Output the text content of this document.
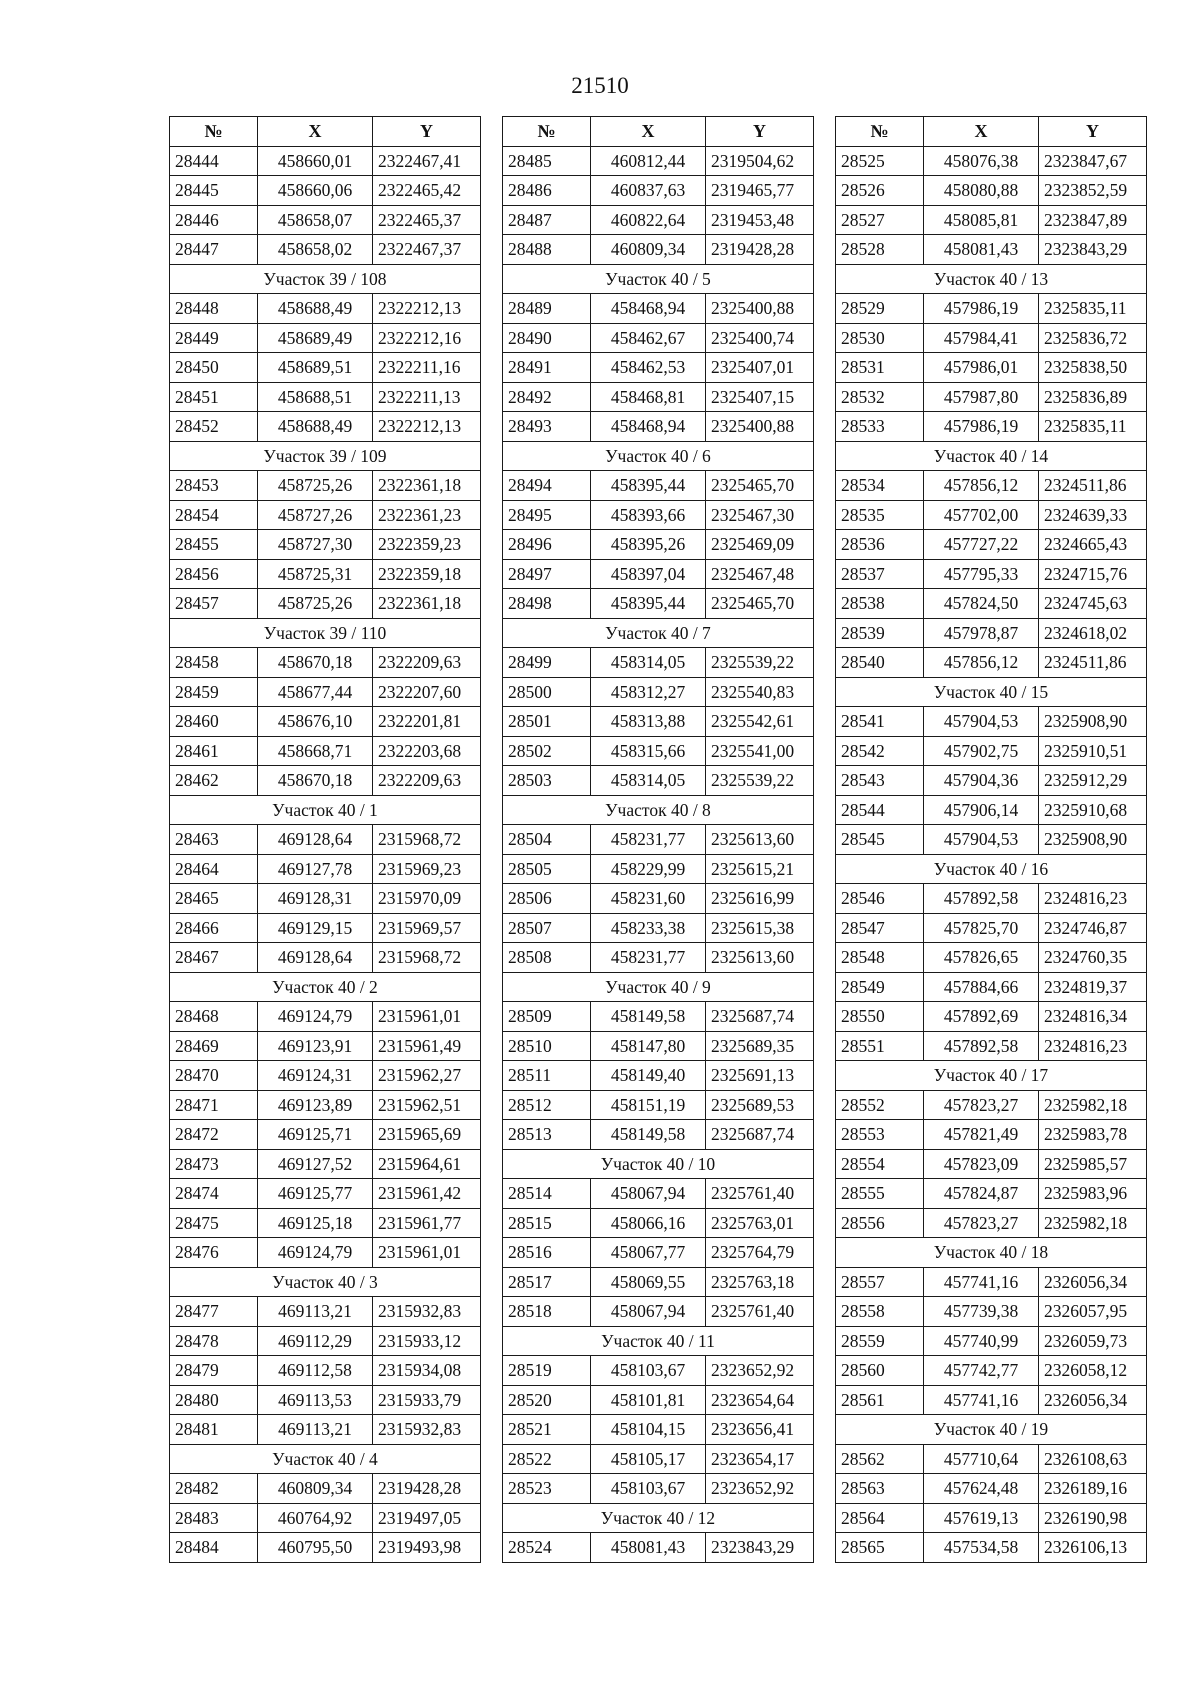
21510
№	X	Y
28444	458660,01	2322467,41
28445	458660,06	2322465,42
28446	458658,07	2322465,37
28447	458658,02	2322467,37
Участок 39 / 108		
28448	458688,49	2322212,13
28449	458689,49	2322212,16
28450	458689,51	2322211,16
28451	458688,51	2322211,13
28452	458688,49	2322212,13
Участок 39 / 109		
28453	458725,26	2322361,18
28454	458727,26	2322361,23
28455	458727,30	2322359,23
28456	458725,31	2322359,18
28457	458725,26	2322361,18
Участок 39 / 110		
28458	458670,18	2322209,63
28459	458677,44	2322207,60
28460	458676,10	2322201,81
28461	458668,71	2322203,68
28462	458670,18	2322209,63
Участок 40 / 1		
28463	469128,64	2315968,72
28464	469127,78	2315969,23
28465	469128,31	2315970,09
28466	469129,15	2315969,57
28467	469128,64	2315968,72
Участок 40 / 2		
28468	469124,79	2315961,01
28469	469123,91	2315961,49
28470	469124,31	2315962,27
28471	469123,89	2315962,51
28472	469125,71	2315965,69
28473	469127,52	2315964,61
28474	469125,77	2315961,42
28475	469125,18	2315961,77
28476	469124,79	2315961,01
Участок 40 / 3		
28477	469113,21	2315932,83
28478	469112,29	2315933,12
28479	469112,58	2315934,08
28480	469113,53	2315933,79
28481	469113,21	2315932,83
Участок 40 / 4		
28482	460809,34	2319428,28
28483	460764,92	2319497,05
28484	460795,50	2319493,98
№	X	Y
28485	460812,44	2319504,62
28486	460837,63	2319465,77
28487	460822,64	2319453,48
28488	460809,34	2319428,28
Участок 40 / 5		
28489	458468,94	2325400,88
28490	458462,67	2325400,74
28491	458462,53	2325407,01
28492	458468,81	2325407,15
28493	458468,94	2325400,88
Участок 40 / 6		
28494	458395,44	2325465,70
28495	458393,66	2325467,30
28496	458395,26	2325469,09
28497	458397,04	2325467,48
28498	458395,44	2325465,70
Участок 40 / 7		
28499	458314,05	2325539,22
28500	458312,27	2325540,83
28501	458313,88	2325542,61
28502	458315,66	2325541,00
28503	458314,05	2325539,22
Участок 40 / 8		
28504	458231,77	2325613,60
28505	458229,99	2325615,21
28506	458231,60	2325616,99
28507	458233,38	2325615,38
28508	458231,77	2325613,60
Участок 40 / 9		
28509	458149,58	2325687,74
28510	458147,80	2325689,35
28511	458149,40	2325691,13
28512	458151,19	2325689,53
28513	458149,58	2325687,74
Участок 40 / 10		
28514	458067,94	2325761,40
28515	458066,16	2325763,01
28516	458067,77	2325764,79
28517	458069,55	2325763,18
28518	458067,94	2325761,40
Участок 40 / 11		
28519	458103,67	2323652,92
28520	458101,81	2323654,64
28521	458104,15	2323656,41
28522	458105,17	2323654,17
28523	458103,67	2323652,92
Участок 40 / 12		
28524	458081,43	2323843,29
№	X	Y
28525	458076,38	2323847,67
28526	458080,88	2323852,59
28527	458085,81	2323847,89
28528	458081,43	2323843,29
Участок 40 / 13		
28529	457986,19	2325835,11
28530	457984,41	2325836,72
28531	457986,01	2325838,50
28532	457987,80	2325836,89
28533	457986,19	2325835,11
Участок 40 / 14		
28534	457856,12	2324511,86
28535	457702,00	2324639,33
28536	457727,22	2324665,43
28537	457795,33	2324715,76
28538	457824,50	2324745,63
28539	457978,87	2324618,02
28540	457856,12	2324511,86
Участок 40 / 15		
28541	457904,53	2325908,90
28542	457902,75	2325910,51
28543	457904,36	2325912,29
28544	457906,14	2325910,68
28545	457904,53	2325908,90
Участок 40 / 16		
28546	457892,58	2324816,23
28547	457825,70	2324746,87
28548	457826,65	2324760,35
28549	457884,66	2324819,37
28550	457892,69	2324816,34
28551	457892,58	2324816,23
Участок 40 / 17		
28552	457823,27	2325982,18
28553	457821,49	2325983,78
28554	457823,09	2325985,57
28555	457824,87	2325983,96
28556	457823,27	2325982,18
Участок 40 / 18		
28557	457741,16	2326056,34
28558	457739,38	2326057,95
28559	457740,99	2326059,73
28560	457742,77	2326058,12
28561	457741,16	2326056,34
Участок 40 / 19		
28562	457710,64	2326108,63
28563	457624,48	2326189,16
28564	457619,13	2326190,98
28565	457534,58	2326106,13
